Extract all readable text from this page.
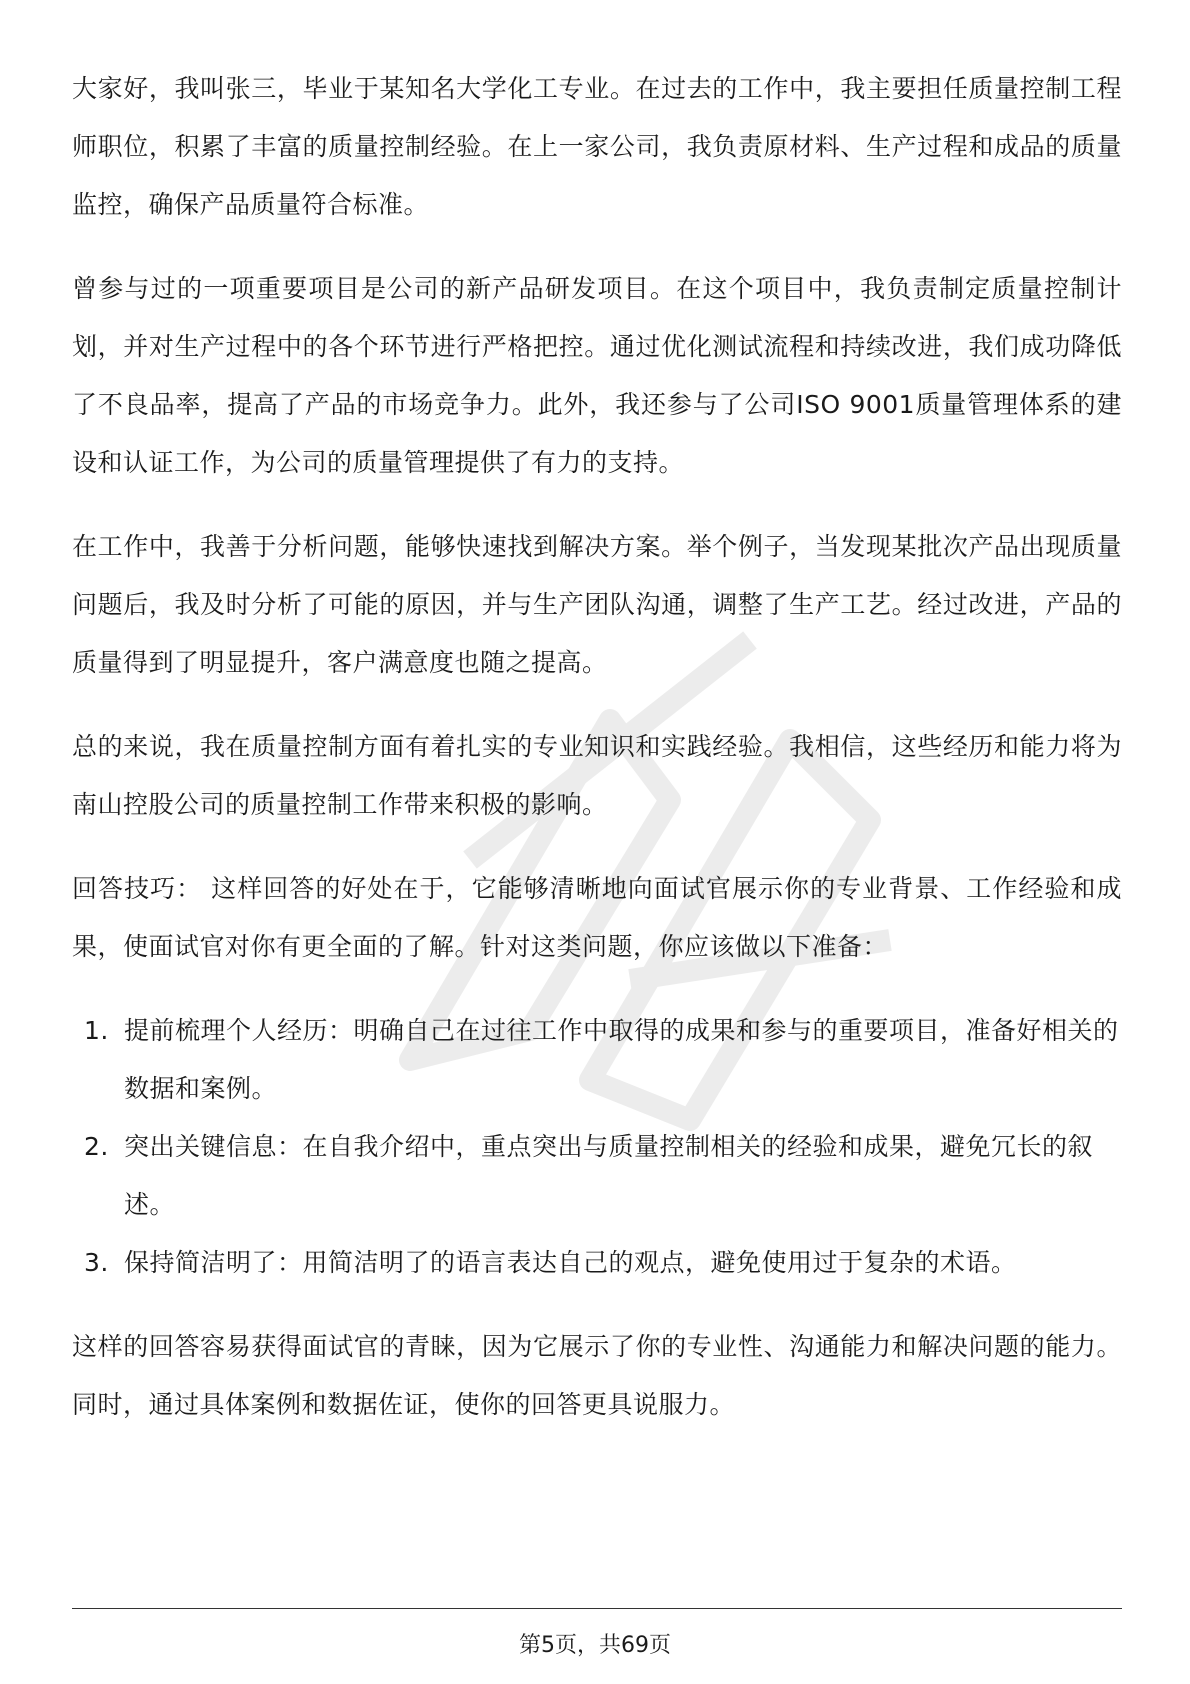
大家好，我叫张三，毕业于某知名大学化工专业。在过去的工作中，我主要担任质量控制工程师职位，积累了丰富的质量控制经验。在上一家公司，我负责原材料、生产过程和成品的质量监控，确保产品质量符合标准。

曾参与过的一项重要项目是公司的新产品研发项目。在这个项目中，我负责制定质量控制计划，并对生产过程中的各个环节进行严格把控。通过优化测试流程和持续改进，我们成功降低了不良品率，提高了产品的市场竞争力。此外，我还参与了公司ISO 9001质量管理体系的建设和认证工作，为公司的质量管理提供了有力的支持。

在工作中，我善于分析问题，能够快速找到解决方案。举个例子，当发现某批次产品出现质量问题后，我及时分析了可能的原因，并与生产团队沟通，调整了生产工艺。经过改进，产品的质量得到了明显提升，客户满意度也随之提高。

总的来说，我在质量控制方面有着扎实的专业知识和实践经验。我相信，这些经历和能力将为南山控股公司的质量控制工作带来积极的影响。

回答技巧： 这样回答的好处在于，它能够清晰地向面试官展示你的专业背景、工作经验和成果，使面试官对你有更全面的了解。针对这类问题，你应该做以下准备：

1. 提前梳理个人经历：明确自己在过往工作中取得的成果和参与的重要项目，准备好相关的数据和案例。
2. 突出关键信息：在自我介绍中，重点突出与质量控制相关的经验和成果，避免冗长的叙述。
3. 保持简洁明了：用简洁明了的语言表达自己的观点，避免使用过于复杂的术语。

这样的回答容易获得面试官的青睐，因为它展示了你的专业性、沟通能力和解决问题的能力。同时，通过具体案例和数据佐证，使你的回答更具说服力。

第5页，共69页
